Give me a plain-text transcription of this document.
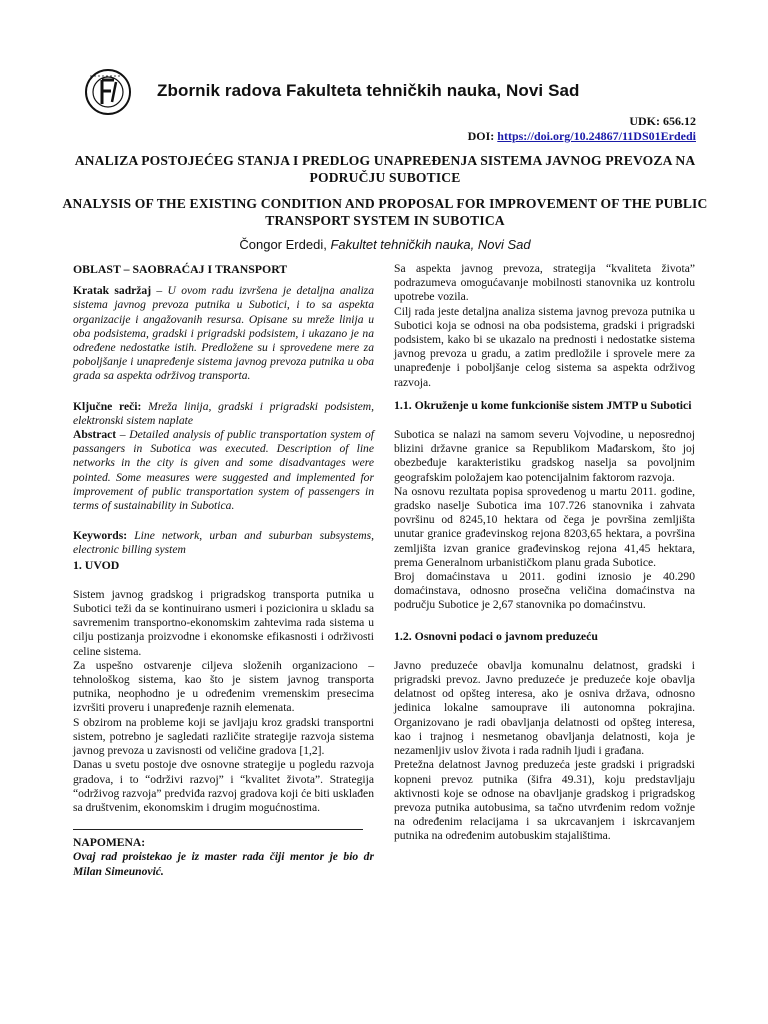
Zbornik radova Fakulteta tehničkih nauka, Novi Sad
UDK: 656.12
DOI: https://doi.org/10.24867/11DS01Erdedi
ANALIZA POSTOJEĆEG STANJA I PREDLOG UNAPREĐENJA SISTEMA JAVNOG PREVOZA NA PODRUČJU SUBOTICE
ANALYSIS OF THE EXISTING CONDITION AND PROPOSAL FOR IMPROVEMENT OF THE PUBLIC TRANSPORT SYSTEM IN SUBOTICA
Čongor Erdedi, Fakultet tehničkih nauka, Novi Sad
OBLAST – SAOBRAĆAJ I TRANSPORT

Kratak sadržaj – U ovom radu izvršena je detaljna analiza sistema javnog prevoza putnika u Subotici, i to sa aspekta organizacije i angažovanih resursa. Opisane su mreže linija u oba podsistema, gradski i prigradski podsistem, i ukazano je na određene nedostatke istih. Predložene su i sprovedene mere za poboljšanje i unapređenje sistema javnog prevoza putnika u oba grada sa aspekta održivog transporta.

Ključne reči: Mreža linija, gradski i prigradski podsistem, elektronski sistem naplate

Abstract – Detailed analysis of public transportation system of passangers in Subotica was executed. Description of line networks in the city is given and some disadvantages were pointed. Some measures were suggested and implemented for improvement of public transportation system of passengers in terms of sustainability in Subotica.

Keywords: Line network, urban and suburban subsystems, electronic billing system

1. UVOD

Sistem javnog gradskog i prigradskog transporta putnika u Subotici teži da se kontinuirano usmeri i pozicionira u skladu sa savremenim transportno-ekonomskim zahtevima rada sistema u cilju postizanja proizvodne i ekonomske efikasnosti i održivosti celine sistema.

Za uspešno ostvarenje ciljeva složenih organizaciono – tehnološkog sistema, kao što je sistem javnog transporta putnika, neophodno je u određenim vremenskim presecima izvršiti proveru i unapređenje raznih elemenata.

S obzirom na probleme koji se javljaju kroz gradski transportni sistem, potrebno je sagledati različite strategije razvoja sistema javnog prevoza u zavisnosti od veličine gradova [1,2].

Danas u svetu postoje dve osnovne strategije u pogledu razvoja gradova, i to “održivi razvoj” i “kvalitet života”. Strategija “održivog razvoja” predviđa razvoj gradova koji će biti usklađen sa društvenim, ekonomskim i drugim mogućnostima.

NAPOMENA:

Ovaj rad proistekao je iz master rada čiji mentor je bio dr Milan Simeunović.

Sa aspekta javnog prevoza, strategija “kvaliteta života” podrazumeva omogućavanje mobilnosti stanovnika uz kontrolu upotrebe vozila.

Cilj rada jeste detaljna analiza sistema javnog prevoza putnika u Subotici koja se odnosi na oba podsistema, gradski i prigradski podsistem, kako bi se ukazalo na prednosti i nedostatke sistema javnog prevoza u gradu, a zatim predložile i sprovele mere za unapređenje i poboljšanje celog sistema sa aspekta održivog razvoja.

1.1. Okruženje u kome funkcioniše sistem JMTP u Subotici

Subotica se nalazi na samom severu Vojvodine, u neposrednoj blizini državne granice sa Republikom Mađarskom, što joj obezbeđuje karakteristiku gradskog naselja sa povoljnim geografskim položajem kao potencijalnim faktorom razvoja.

Na osnovu rezultata popisa sprovedenog u martu 2011. godine, gradsko naselje Subotica ima 107.726 stanovnika i zahvata površinu od 8245,10 hektara od čega je površina zemljišta unutar granice građevinskog rejona 8203,65 hektara, a površina zemljišta izvan granice građevinskog rejona 41,45 hektara, prema Generalnom urbanističkom planu grada Subotice.

Broj domaćinstava u 2011. godini iznosio je 40.290 domaćinstava, odnosno prosečna veličina domaćinstva na području Subotice je 2,67 stanovnika po domaćinstvu.

1.2. Osnovni podaci o javnom preduzeću

Javno preduzeće obavlja komunalnu delatnost, gradski i prigradski prevoz. Javno preduzeće je preduzeće koje obavlja delatnost od opšteg interesa, ako je osniva država, odnosno jedinica lokalne samouprave ili autonomna pokrajina. Organizovano je radi obavljanja delatnosti od opšteg interesa, kao i trajnog i nesmetanog obavljanja delatnosti, koja je nezamenljiv uslov života i rada radnih ljudi i građana.

Pretežna delatnost Javnog preduzeća jeste gradski i prigradski kopneni prevoz putnika (šifra 49.31), koju predstavljaju aktivnosti koje se odnose na obavljanje gradskog i prigradskog prevoza putnika autobusima, sa tačno utvrđenim redom vožnje na određenim relacijama i sa ukrcavanjem i iskrcavanjem putnika na određenim autobuskim stajalištima.
